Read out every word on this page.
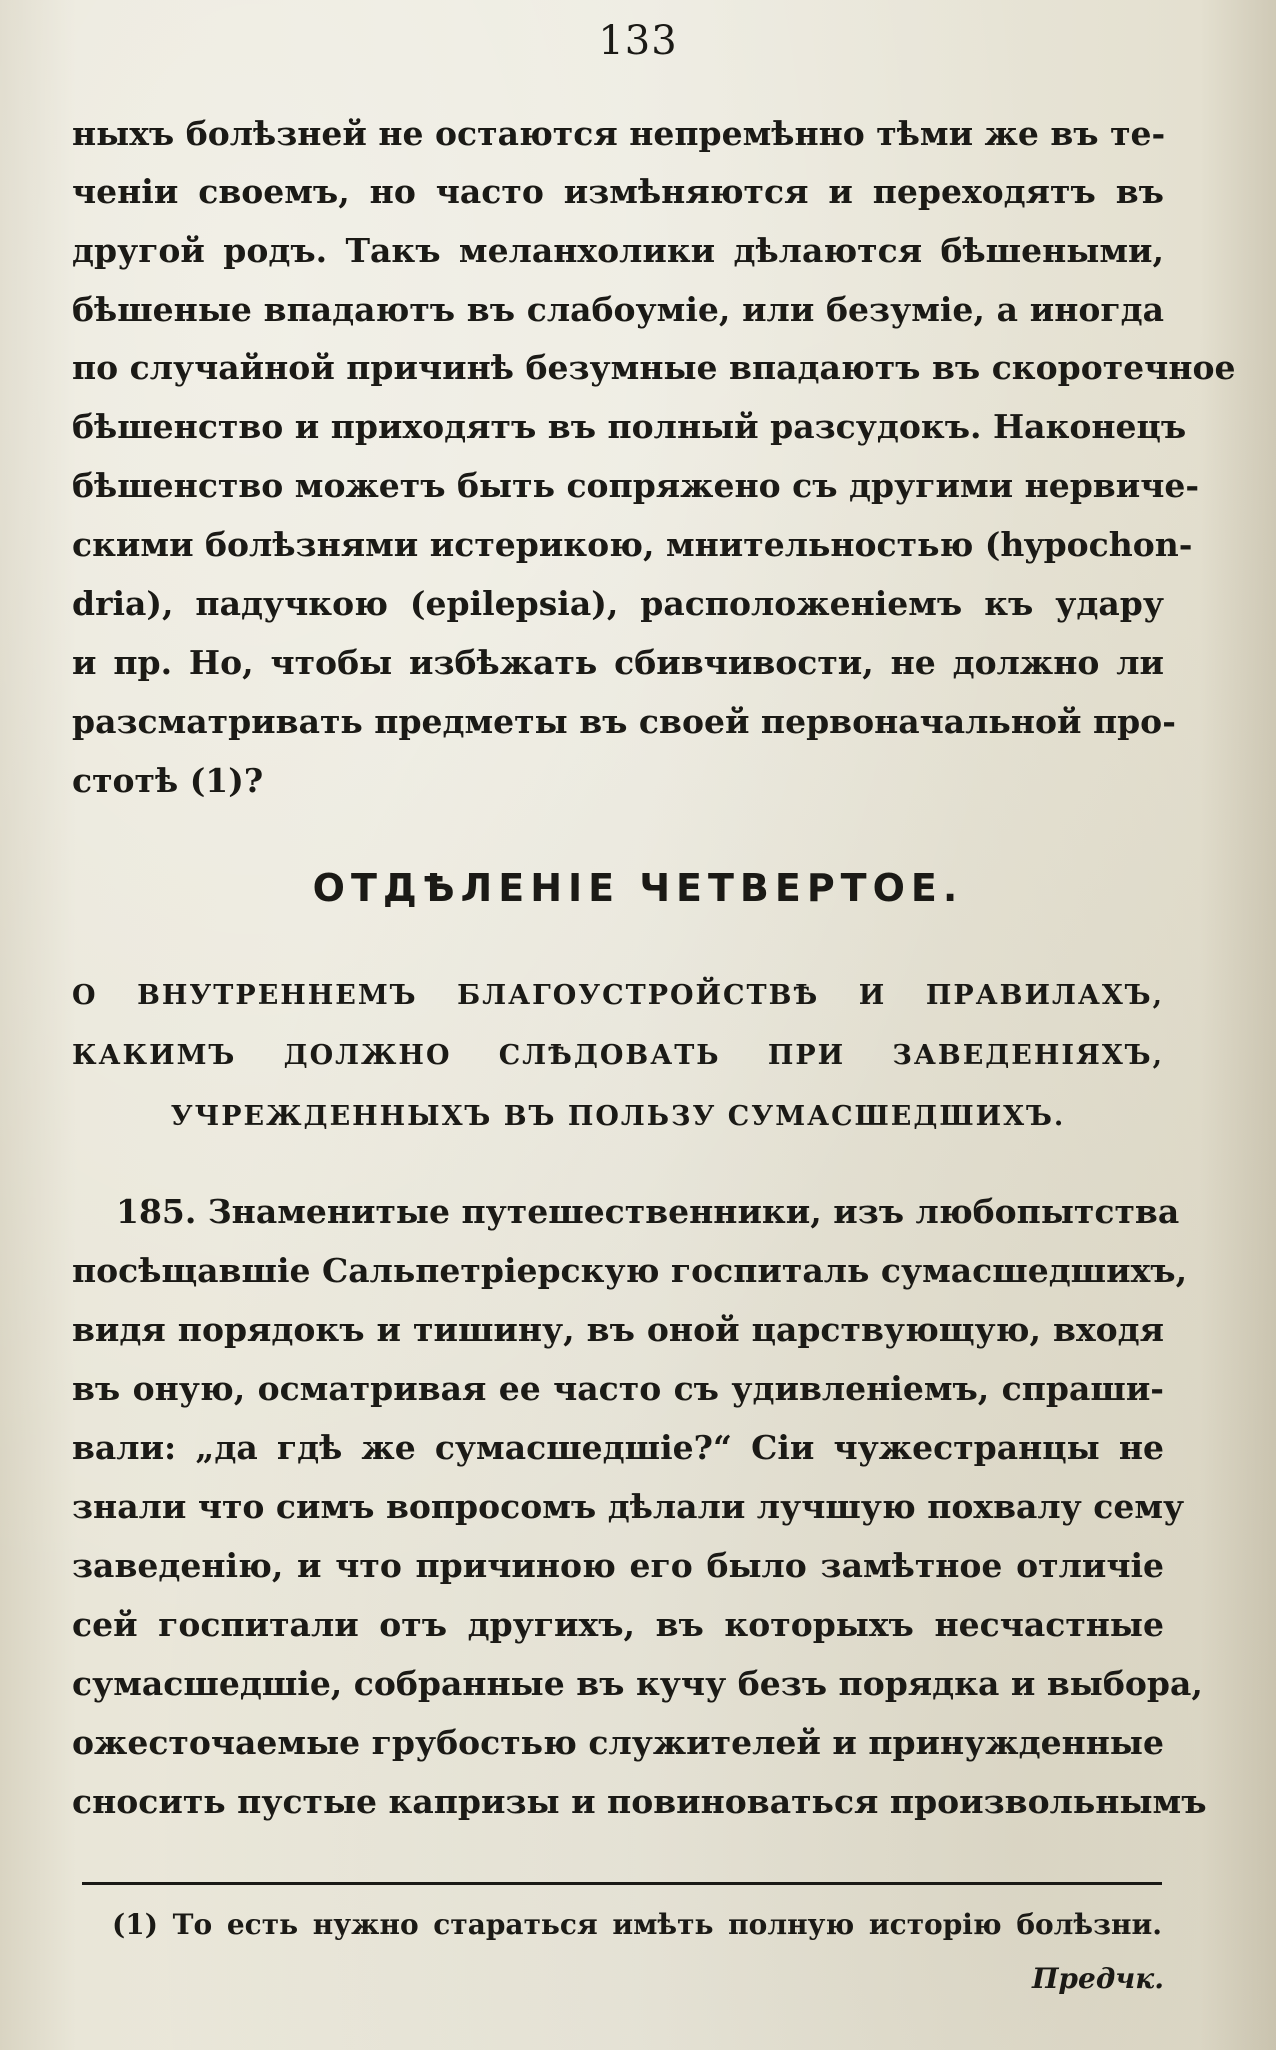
133
ныхъ болѣзней не остаются непремѣнно тѣми же въ те-
ченіи своемъ, но часто измѣняются и переходятъ въ
другой родъ. Такъ меланхолики дѣлаются бѣшеными,
бѣшеные впадаютъ въ слабоуміе, или безуміе, а иногда
по случайной причинѣ безумные впадаютъ въ скоротечное
бѣшенство и приходятъ въ полный разсудокъ. Наконецъ
бѣшенство можетъ быть сопряжено съ другими нервиче-
скими болѣзнями истерикою, мнительностью (hypochon-
dria), падучкою (epilepsia), расположеніемъ къ удару
и пр. Но, чтобы избѣжать сбивчивости, не должно ли
разсматривать предметы въ своей первоначальной про-
стотѣ (1)?
ОТДѢЛЕНІЕ ЧЕТВЕРТОЕ.
О ВНУТРЕННЕМЪ БЛАГОУСТРОЙСТВѢ И ПРАВИЛАХЪ,
КАКИМЪ ДОЛЖНО СЛѢДОВАТЬ ПРИ ЗАВЕДЕНІЯХЪ,
УЧРЕЖДЕННЫХЪ ВЪ ПОЛЬЗУ СУМАСШЕДШИХЪ.
185. Знаменитые путешественники, изъ любопытства
посѣщавшіе Сальпетріерскую госпиталь сумасшедшихъ,
видя порядокъ и тишину, въ оной царствующую, входя
въ оную, осматривая ее часто съ удивленіемъ, спраши-
вали: „да гдѣ же сумасшедшіе?“ Сіи чужестранцы не
знали что симъ вопросомъ дѣлали лучшую похвалу сему
заведенію, и что причиною его было замѣтное отличіе
сей госпитали отъ другихъ, въ которыхъ несчастные
сумасшедшіе, собранные въ кучу безъ порядка и выбора,
ожесточаемые грубостью служителей и принужденные
сносить пустые капризы и повиноваться произвольнымъ
(1) То есть нужно стараться имѣть полную исторію болѣзни.
Предчк.
